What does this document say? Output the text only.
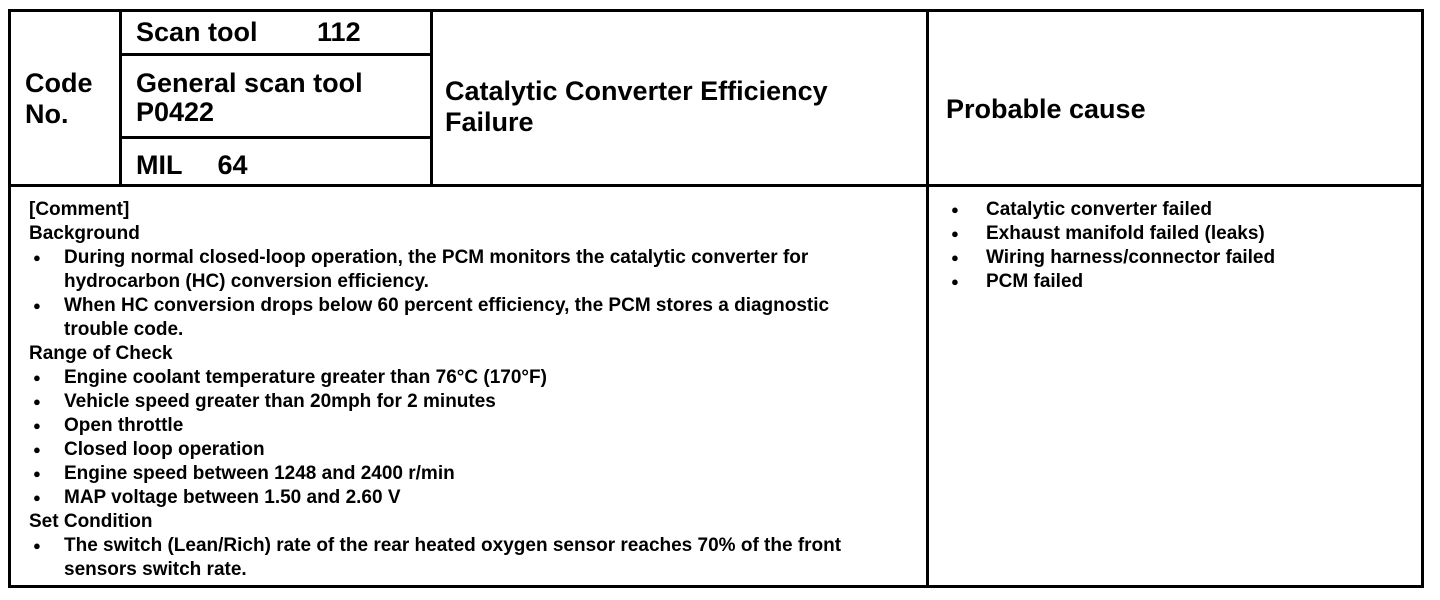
Code
No.
Scan tool 112
General scan tool
P0422
MIL 64
Catalytic Converter Efficiency
Failure	Probable cause
[Comment]
Background
● During normal closed-loop operation, the PCM monitors the catalytic converter for
hydrocarbon (HC) conversion efficiency.
● When HC conversion drops below 60 percent efficiency, the PCM stores a diagnostic
trouble code.
Range of Check
● Engine coolant temperature greater than 76°C (170°F)
● Vehicle speed greater than 20mph for 2 minutes
● Open throttle
● Closed loop operation
● Engine speed between 1248 and 2400 r/min
● MAP voltage between 1.50 and 2.60 V
Set Condition
● The switch (Lean/Rich) rate of the rear heated oxygen sensor reaches 70% of the front
sensors switch rate.
● Catalytic converter failed
● Exhaust manifold failed (leaks)
● Wiring harness/connector failed
● PCM failed
